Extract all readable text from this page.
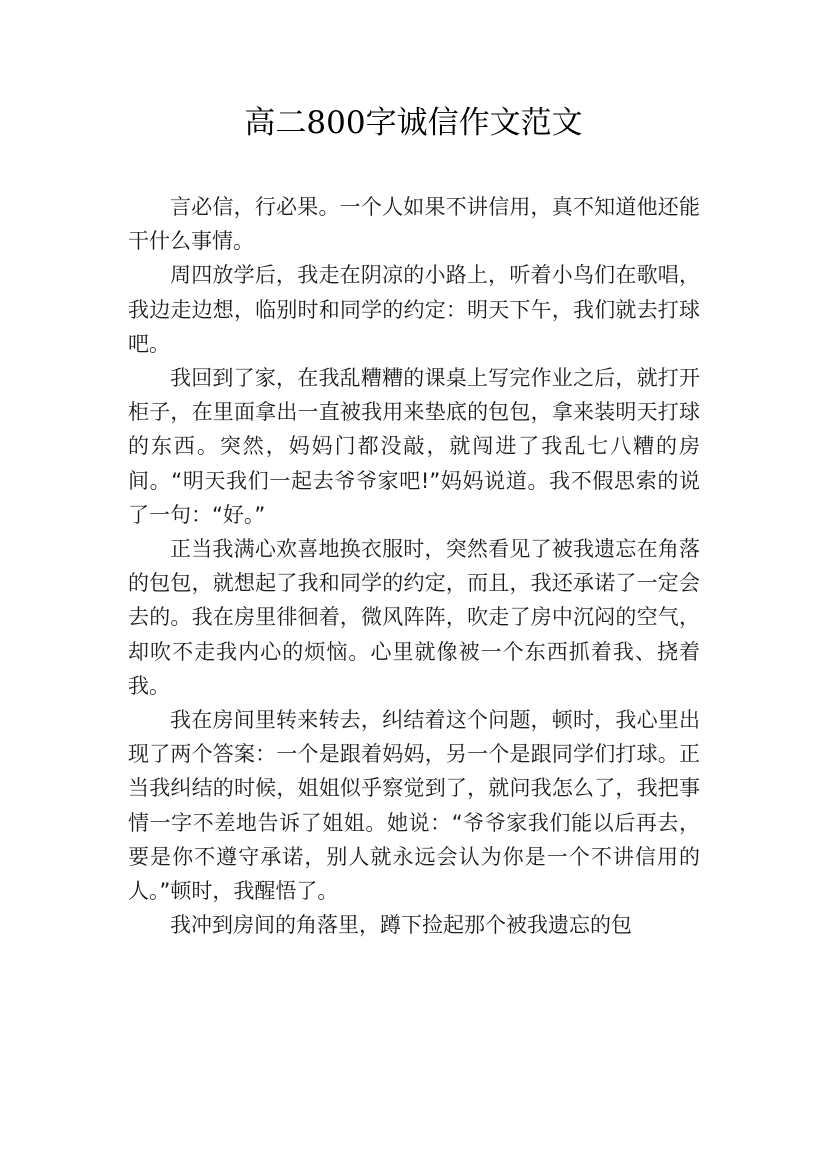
高二800字诚信作文范文

言必信，行必果。一个人如果不讲信用，真不知道他还能干什么事情。

周四放学后，我走在阴凉的小路上，听着小鸟们在歌唱，我边走边想，临别时和同学的约定：明天下午，我们就去打球吧。

我回到了家，在我乱糟糟的课桌上写完作业之后，就打开柜子，在里面拿出一直被我用来垫底的包包，拿来装明天打球的东西。突然，妈妈门都没敲，就闯进了我乱七八糟的房间。“明天我们一起去爷爷家吧!”妈妈说道。我不假思索的说了一句：“好。”

正当我满心欢喜地换衣服时，突然看见了被我遗忘在角落的包包，就想起了我和同学的约定，而且，我还承诺了一定会去的。我在房里徘徊着，微风阵阵，吹走了房中沉闷的空气，却吹不走我内心的烦恼。心里就像被一个东西抓着我、挠着我。

我在房间里转来转去，纠结着这个问题，顿时，我心里出现了两个答案：一个是跟着妈妈，另一个是跟同学们打球。正当我纠结的时候，姐姐似乎察觉到了，就问我怎么了，我把事情一字不差地告诉了姐姐。她说：“爷爷家我们能以后再去，要是你不遵守承诺，别人就永远会认为你是一个不讲信用的人。”顿时，我醒悟了。

我冲到房间的角落里，蹲下捡起那个被我遗忘的包
